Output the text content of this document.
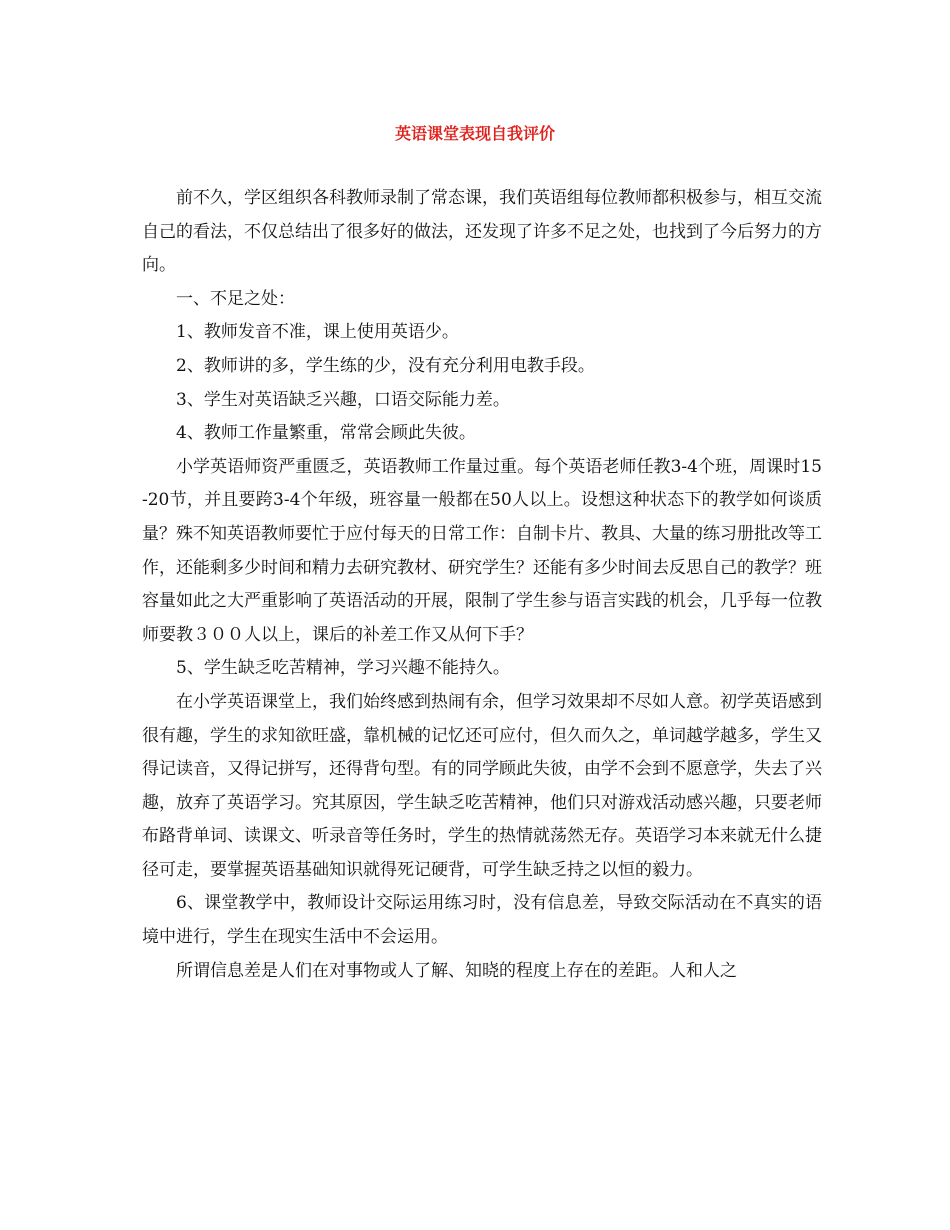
英语课堂表现自我评价

前不久，学区组织各科教师录制了常态课，我们英语组每位教师都积极参与，相互交流自己的看法，不仅总结出了很多好的做法，还发现了许多不足之处，也找到了今后努力的方向。

一、不足之处：

1、教师发音不准，课上使用英语少。

2、教师讲的多，学生练的少，没有充分利用电教手段。

3、学生对英语缺乏兴趣，口语交际能力差。

4、教师工作量繁重，常常会顾此失彼。

小学英语师资严重匮乏，英语教师工作量过重。每个英语老师任教3-4个班，周课时15-20节，并且要跨3-4个年级，班容量一般都在50人以上。设想这种状态下的教学如何谈质量？殊不知英语教师要忙于应付每天的日常工作：自制卡片、教具、大量的练习册批改等工作，还能剩多少时间和精力去研究教材、研究学生？还能有多少时间去反思自己的教学？班容量如此之大严重影响了英语活动的开展，限制了学生参与语言实践的机会，几乎每一位教师要教３００人以上，课后的补差工作又从何下手？

5、学生缺乏吃苦精神，学习兴趣不能持久。

在小学英语课堂上，我们始终感到热闹有余，但学习效果却不尽如人意。初学英语感到很有趣，学生的求知欲旺盛，靠机械的记忆还可应付，但久而久之，单词越学越多，学生又得记读音，又得记拼写，还得背句型。有的同学顾此失彼，由学不会到不愿意学，失去了兴趣，放弃了英语学习。究其原因，学生缺乏吃苦精神，他们只对游戏活动感兴趣，只要老师布路背单词、读课文、听录音等任务时，学生的热情就荡然无存。英语学习本来就无什么捷径可走，要掌握英语基础知识就得死记硬背，可学生缺乏持之以恒的毅力。

6、课堂教学中，教师设计交际运用练习时，没有信息差，导致交际活动在不真实的语境中进行，学生在现实生活中不会运用。

所谓信息差是人们在对事物或人了解、知晓的程度上存在的差距。人和人之
